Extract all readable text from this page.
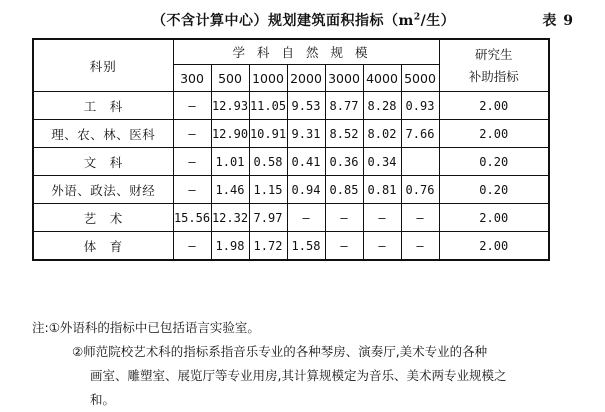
（不含计算中心）规划建筑面积指标（$m^2/$生）	表 9
科别	学科自然规模							研究生
补助指标

	300	500	1000	2000	3000	4000	5000	
工　科	—	12.93	11.05	9.53	8.77	8.28	0.93	2.00
理、农、林、医科	—	12.90	10.91	9.31	8.52	8.02	7.66	2.00
文　科	—	1.01	0.58	0.41	0.36	0.34		0.20
外语、政法、财经	—	1.46	1.15	0.94	0.85	0.81	0.76	0.20
艺　术	15.56	12.32	7.97	—	—	—	—	2.00
体　育	—	1.98	1.72	1.58	—	—	—	2.00
注:①外语科的指标中已包括语言实验室。
②师范院校艺术科的指标系指音乐专业的各种琴房、演奏厅,美术专业的各种
画室、雕塑室、展览厅等专业用房,其计算规模定为音乐、美术两专业规模之
和。
